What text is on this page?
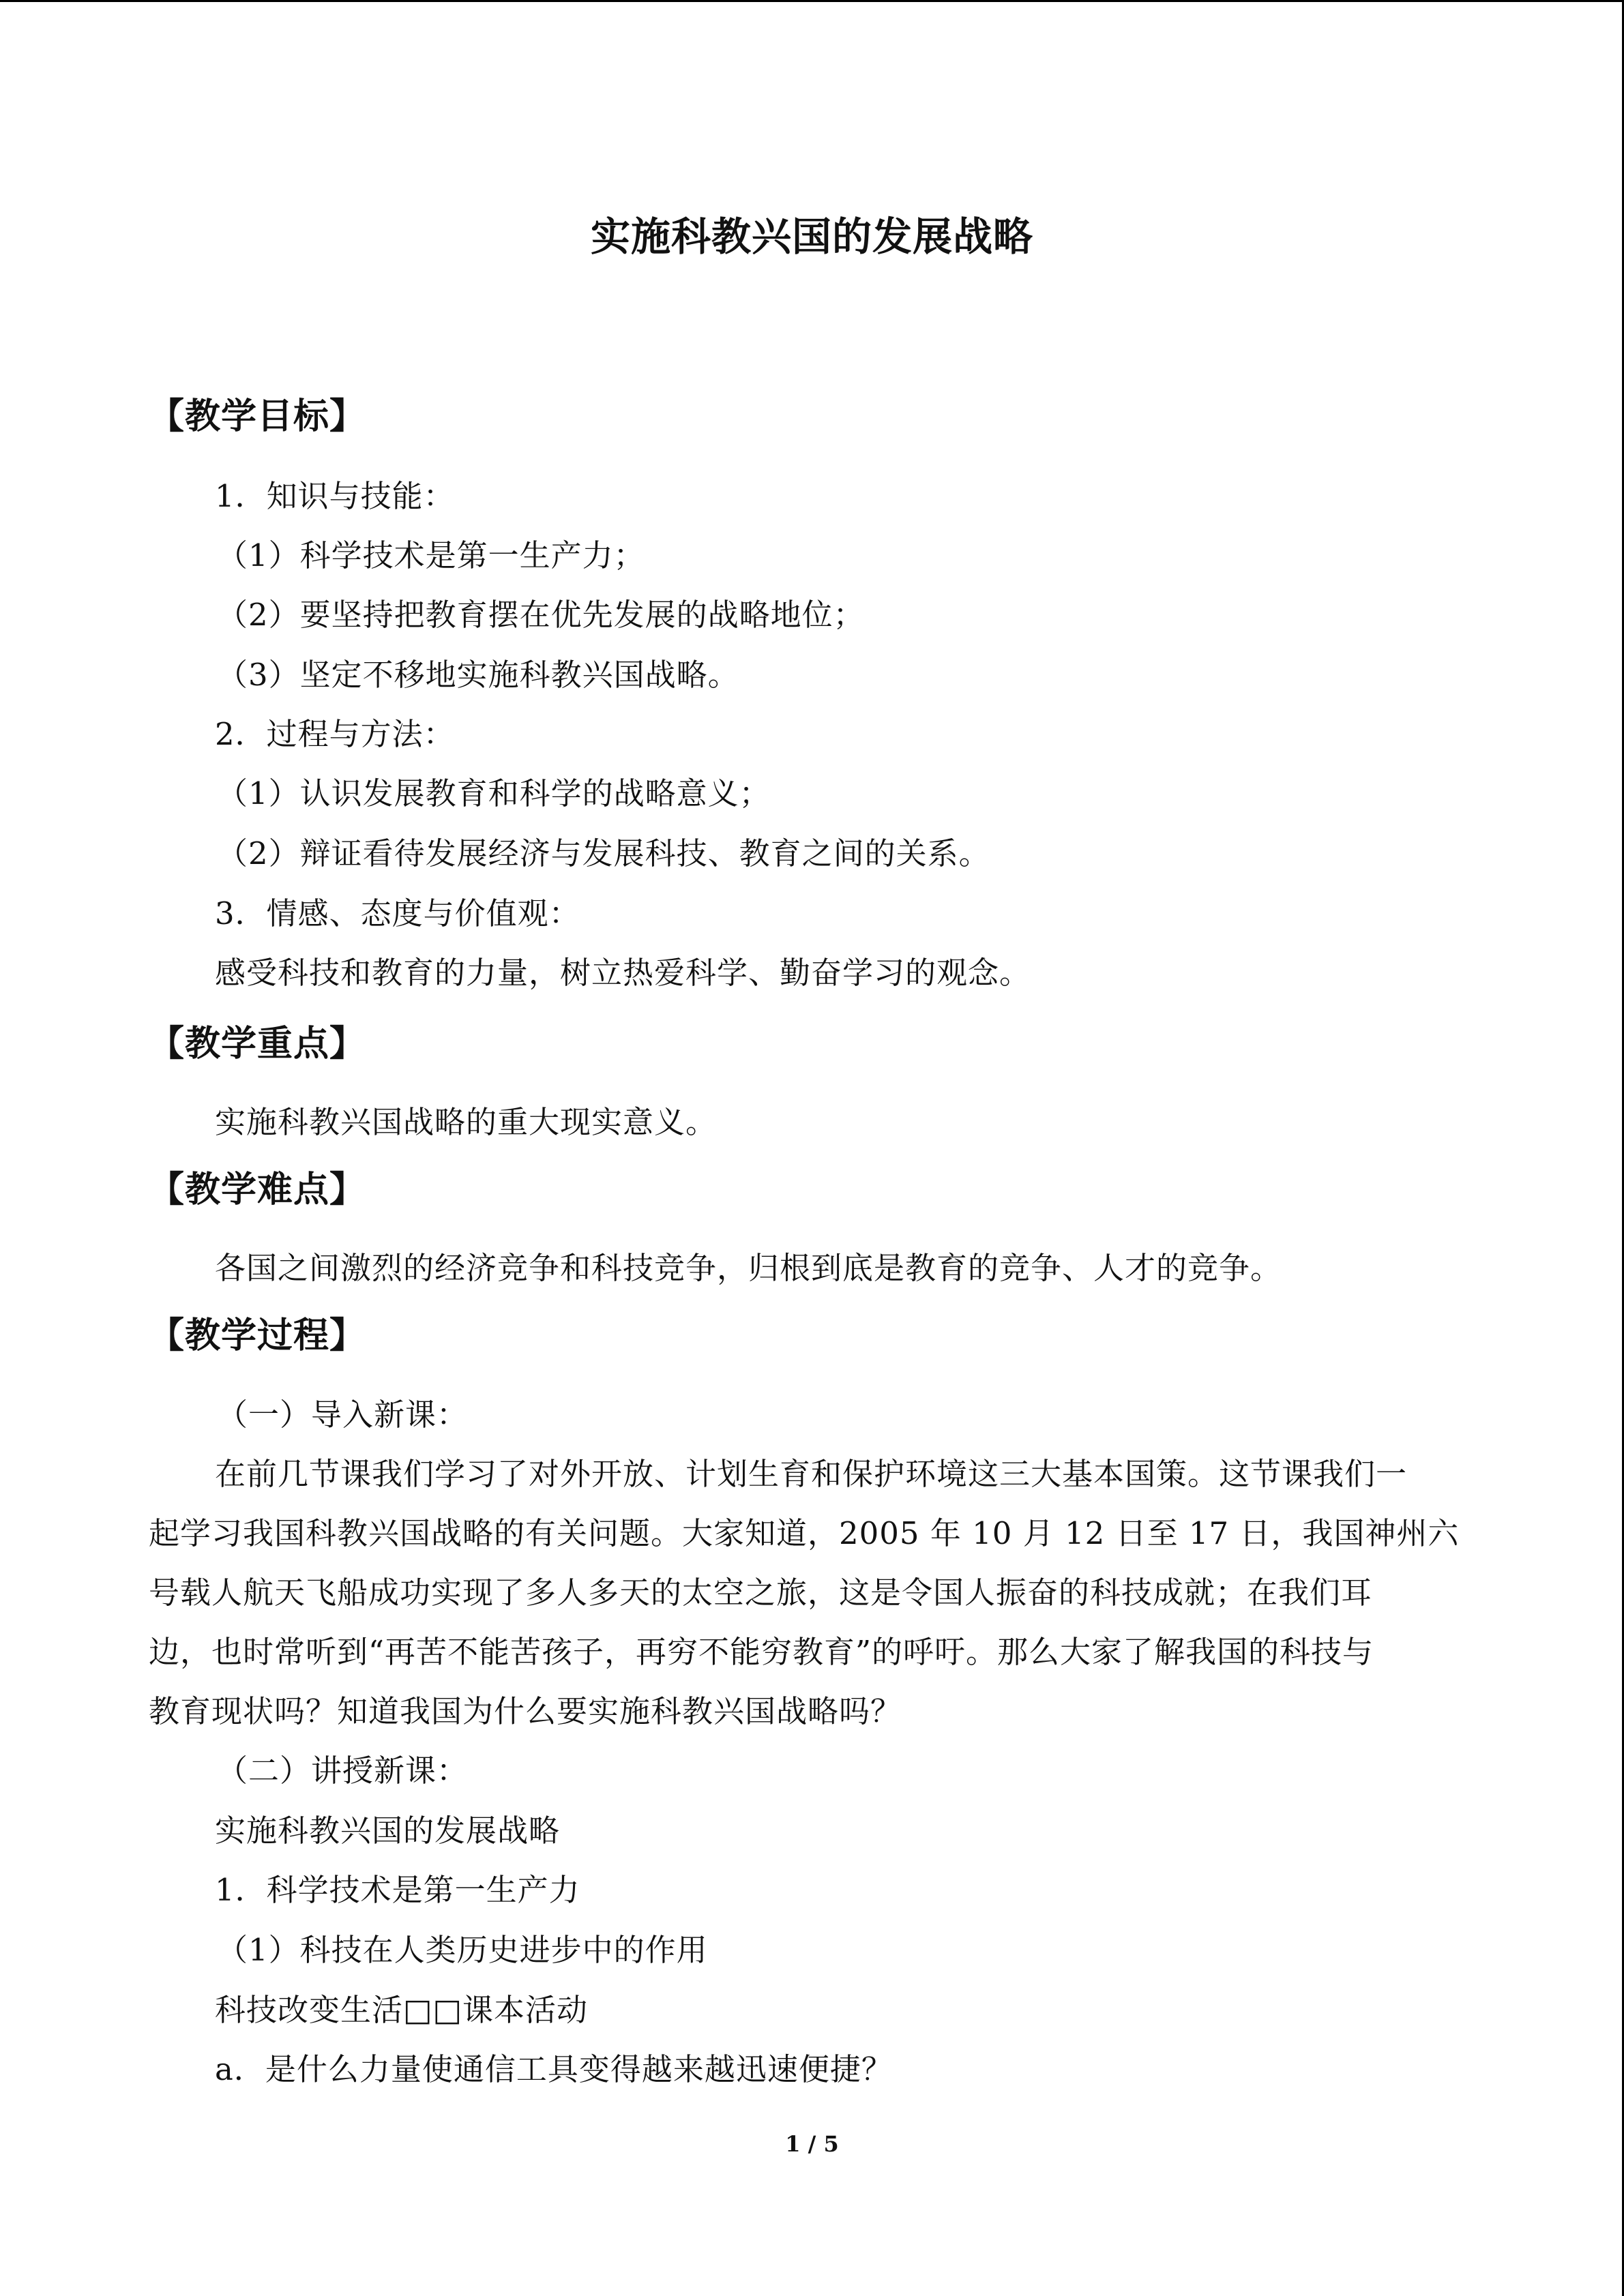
实施科教兴国的发展战略
【教学目标】

1．知识与技能：

（1）科学技术是第一生产力；

（2）要坚持把教育摆在优先发展的战略地位；

（3）坚定不移地实施科教兴国战略。

2．过程与方法：

（1）认识发展教育和科学的战略意义；

（2）辩证看待发展经济与发展科技、教育之间的关系。

3．情感、态度与价值观：

感受科技和教育的力量，树立热爱科学、勤奋学习的观念。

【教学重点】

实施科教兴国战略的重大现实意义。

【教学难点】

各国之间激烈的经济竞争和科技竞争，归根到底是教育的竞争、人才的竞争。

【教学过程】

（一）导入新课：

在前几节课我们学习了对外开放、计划生育和保护环境这三大基本国策。这节课我们一

起学习我国科教兴国战略的有关问题。大家知道，2005 年 10 月 12 日至 17 日，我国神州六

号载人航天飞船成功实现了多人多天的太空之旅，这是令国人振奋的科技成就；在我们耳

边，也时常听到“再苦不能苦孩子，再穷不能穷教育”的呼吁。那么大家了解我国的科技与

教育现状吗？知道我国为什么要实施科教兴国战略吗？

（二）讲授新课：

实施科教兴国的发展战略

1．科学技术是第一生产力

（1）科技在人类历史进步中的作用

科技改变生活□□课本活动

a．是什么力量使通信工具变得越来越迅速便捷？

1 / 5
